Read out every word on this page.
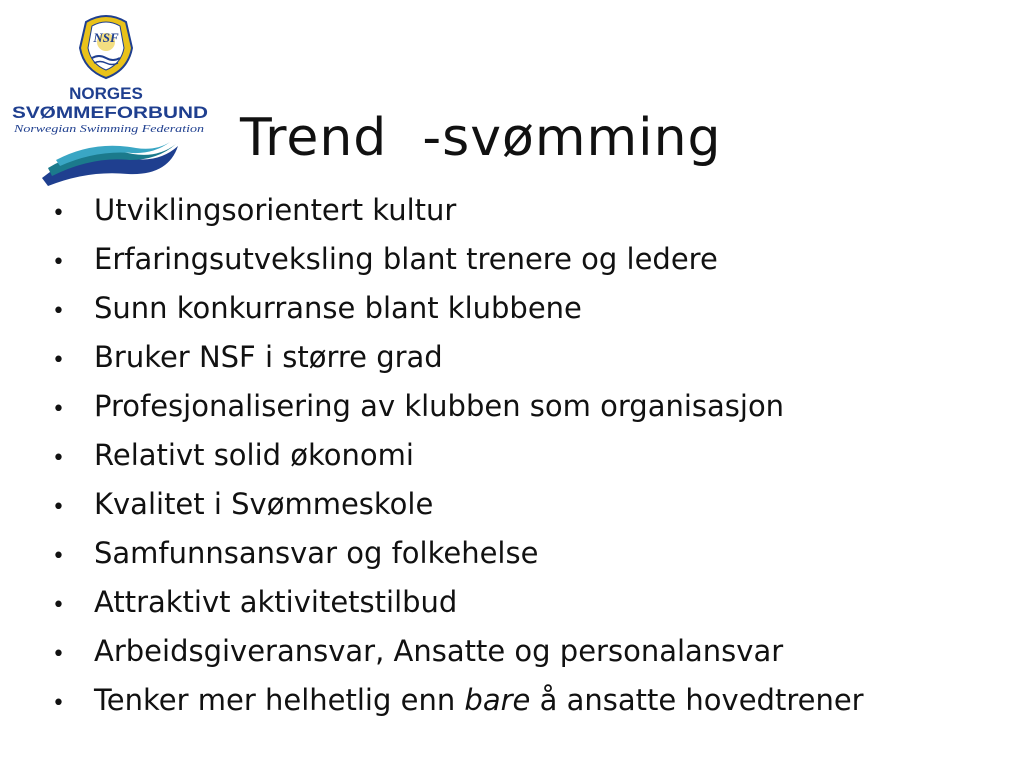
NSF
NORGES
SVØMMEFORBUND
Norwegian Swimming Federation Trend  -svømming
•	Utviklingsorientert kultur
•	Erfaringsutveksling blant trenere og ledere
•	Sunn konkurranse blant klubbene
•	Bruker NSF i større grad
•	Profesjonalisering av klubben som organisasjon
•	Relativt solid økonomi
•	Kvalitet i Svømmeskole
•	Samfunnsansvar og folkehelse
•	Attraktivt aktivitetstilbud
•	Arbeidsgiveransvar, Ansatte og personalansvar
•	Tenker mer helhetlig enn bare å ansatte hovedtrener
